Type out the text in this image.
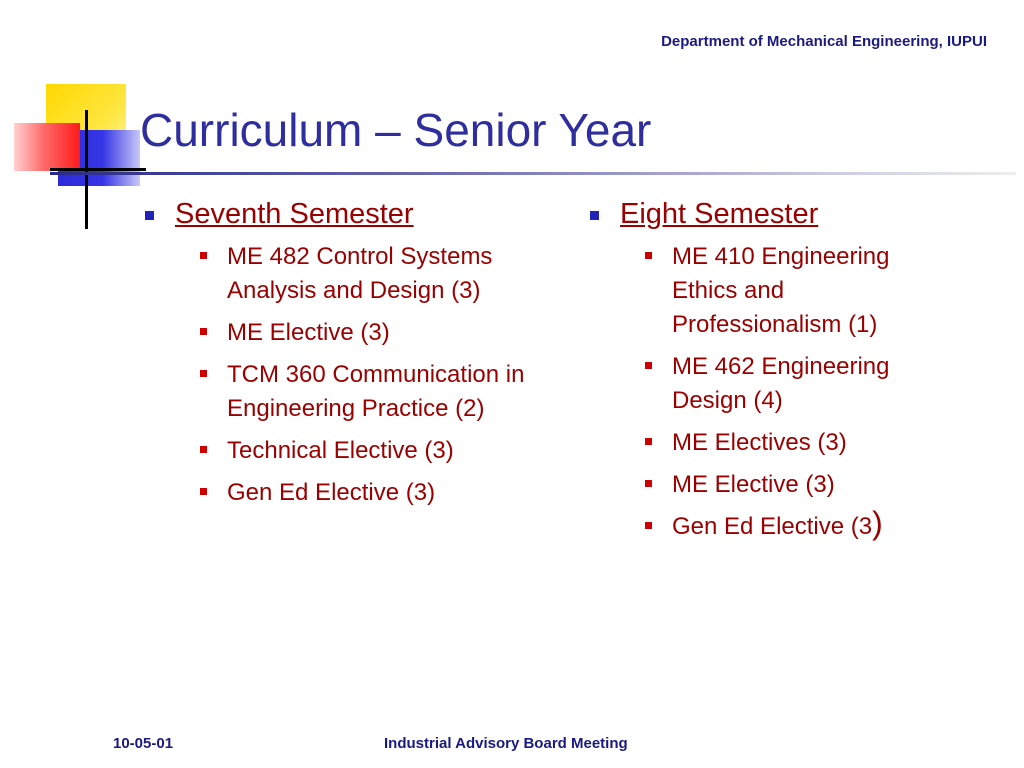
Department of Mechanical Engineering, IUPUI
Curriculum – Senior Year
Seventh Semester
ME 482 Control Systems Analysis and Design (3)
ME Elective (3)
TCM 360 Communication in Engineering Practice (2)
Technical Elective (3)
Gen Ed Elective (3)
Eight Semester
ME 410 Engineering Ethics and Professionalism (1)
ME 462 Engineering Design (4)
ME Electives (3)
ME Elective (3)
Gen Ed Elective (3)
10-05-01	Industrial Advisory Board Meeting
